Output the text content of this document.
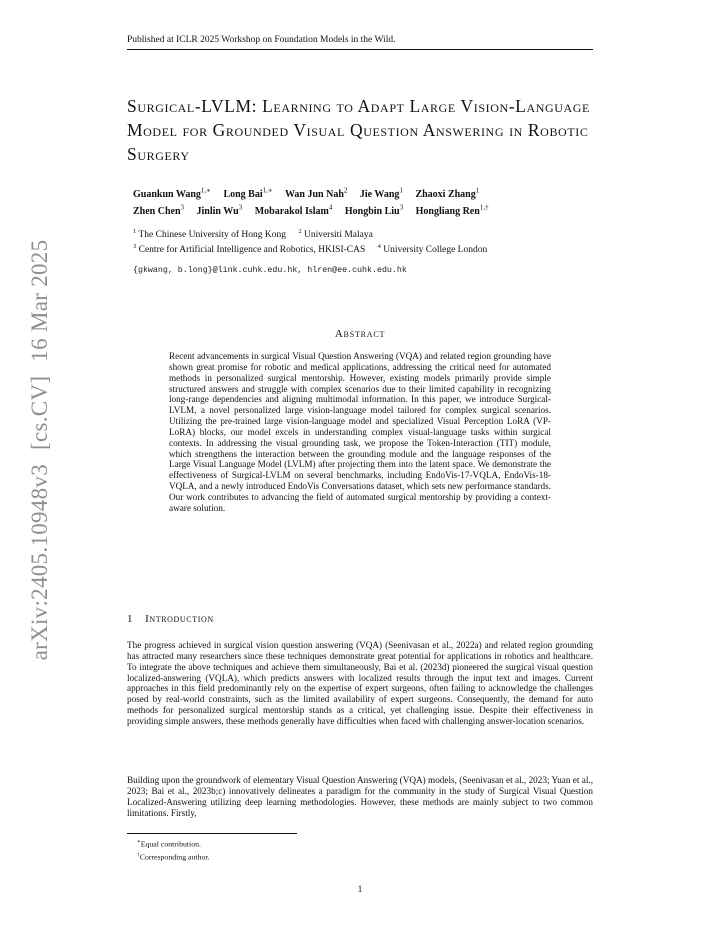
arXiv:2405.10948v3[cs.CV]16 Mar 2025
Published at ICLR 2025 Workshop on Foundation Models in the Wild.
Surgical-LVLM: Learning to Adapt Large Vision-Language Model for Grounded Visual Question Answering in Robotic Surgery
Guankun Wang$^{1,∗}$ Long Bai$^{1,∗}$ Wan Jun Nah$^2$ Jie Wang$^1$ Zhaoxi Zhang$^1$
Zhen Chen$^3$ Jinlin Wu$^3$ Mobarakol Islam$^4$ Hongbin Liu$^3$ Hongliang Ren$^{1,\dagger}$
$^1$ The Chinese University of Hong Kong $^2$ Universiti Malaya
$^3$ Centre for Artificial Intelligence and Robotics, HKISI-CAS $^4$ University College London
{gkwang, b.long}@link.cuhk.edu.hk, hlren@ee.cuhk.edu.hk
Abstract
Recent advancements in surgical Visual Question Answering (VQA) and related region grounding have shown great promise for robotic and medical applications, addressing the critical need for automated methods in personalized surgical mentorship. However, existing models primarily provide simple structured answers and struggle with complex scenarios due to their limited capability in recognizing long-range dependencies and aligning multimodal information. In this paper, we introduce Surgical-LVLM, a novel personalized large vision-language model tailored for complex surgical scenarios. Utilizing the pre-trained large vision-language model and specialized Visual Perception LoRA (VP-LoRA) blocks, our model excels in understanding complex visual-language tasks within surgical contexts. In addressing the visual grounding task, we propose the Token-Interaction (TIT) module, which strengthens the interaction between the grounding module and the language responses of the Large Visual Language Model (LVLM) after projecting them into the latent space. We demonstrate the effectiveness of Surgical-LVLM on several benchmarks, including EndoVis-17-VQLA, EndoVis-18-VQLA, and a newly introduced EndoVis Conversations dataset, which sets new performance standards. Our work contributes to advancing the field of automated surgical mentorship by providing a context-aware solution.
1 Introduction
The progress achieved in surgical vision question answering (VQA) (Seenivasan et al., 2022a) and related region grounding has attracted many researchers since these techniques demonstrate great potential for applications in robotics and healthcare. To integrate the above techniques and achieve them simultaneously, Bai et al. (2023d) pioneered the surgical visual question localized-answering (VQLA), which predicts answers with localized results through the input text and images. Current approaches in this field predominantly rely on the expertise of expert surgeons, often failing to acknowledge the challenges posed by real-world constraints, such as the limited availability of expert surgeons. Consequently, the demand for auto methods for personalized surgical mentorship stands as a critical, yet challenging issue. Despite their effectiveness in providing simple answers, these methods generally have difficulties when faced with challenging answer-location scenarios.
Building upon the groundwork of elementary Visual Question Answering (VQA) models, (Seenivasan et al., 2023; Yuan et al., 2023; Bai et al., 2023b;c) innovatively delineates a paradigm for the community in the study of Surgical Visual Question Localized-Answering utilizing deep learning methodologies. However, these methods are mainly subject to two common limitations. Firstly,
∗Equal contribution.
†Corresponding author.
1
